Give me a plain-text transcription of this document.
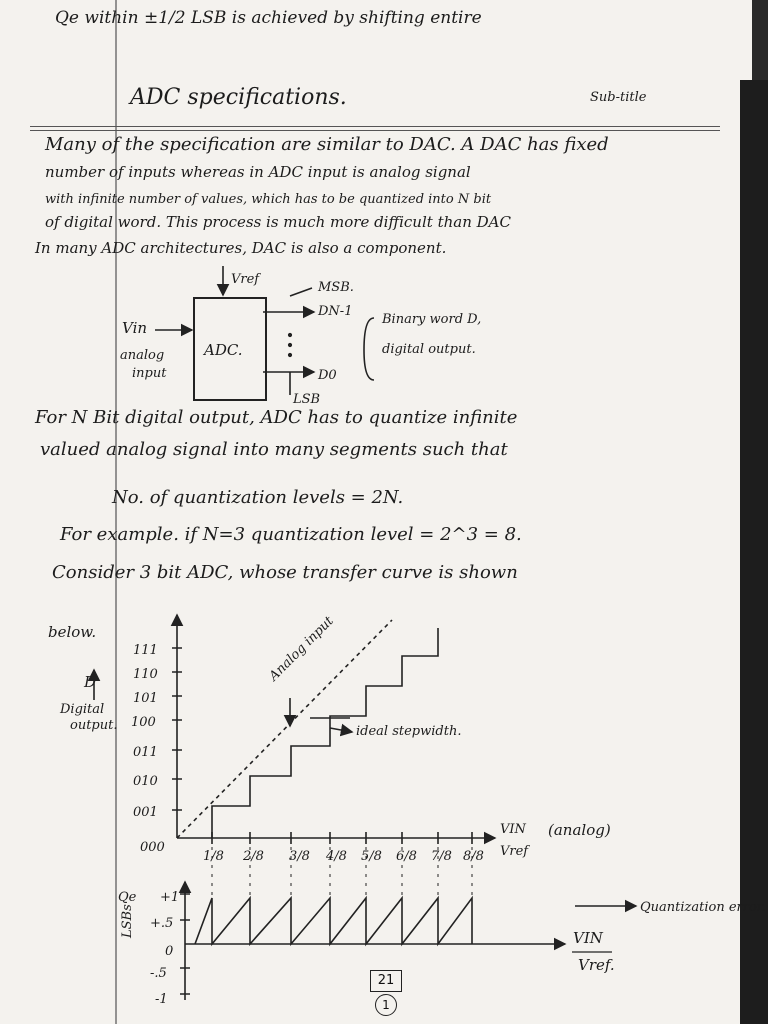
Qe within ±1/2 LSB is achieved by shifting entire
ADC specifications.	Sub-title
Many of the specification are similar to DAC. A DAC has fixed
number of inputs whereas in ADC input is analog signal
with infinite number of values, which has to be quantized into N bit
of digital word. This process is much more difficult than DAC
In many ADC architectures, DAC is also a component.
ADC.
Vref
Vin
analog
input
MSB.
DN-1
D0
LSB
Binary word D,
digital output.
For N Bit digital output, ADC has to quantize infinite
valued analog signal into many segments such that
No. of quantization levels = 2N.
For example. if N=3 quantization level = 2^3 = 8.
Consider 3 bit ADC, whose transfer curve is shown
below.
D
Digital
output.
111
110
101
100
011
010
001
000
1/8 2/8 3/8 4/8 5/8 6/8 7/8 8/8
VIN
Vref
(analog)
Analog input
ideal stepwidth.
Qe
LSBs
+1
+.5
0
-.5
-1
VIN
Vref.
Quantization error.
21
1
